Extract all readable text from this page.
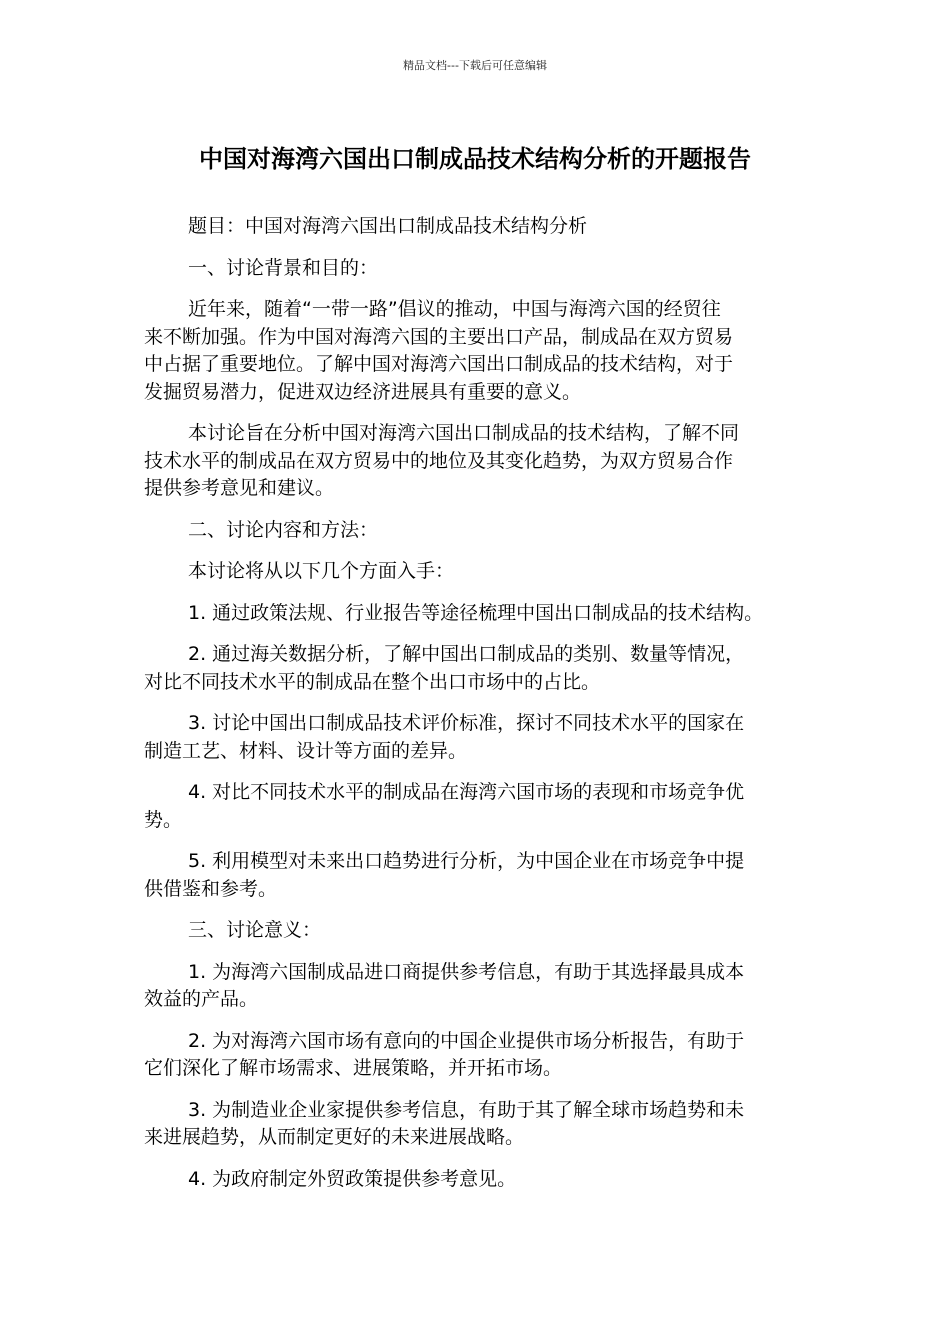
精品文档---下载后可任意编辑
中国对海湾六国出口制成品技术结构分析的开题报告

题目：中国对海湾六国出口制成品技术结构分析

一、讨论背景和目的：

近年来，随着“一带一路”倡议的推动，中国与海湾六国的经贸往
来不断加强。作为中国对海湾六国的主要出口产品，制成品在双方贸易
中占据了重要地位。了解中国对海湾六国出口制成品的技术结构，对于
发掘贸易潜力，促进双边经济进展具有重要的意义。

本讨论旨在分析中国对海湾六国出口制成品的技术结构，了解不同
技术水平的制成品在双方贸易中的地位及其变化趋势，为双方贸易合作
提供参考意见和建议。

二、讨论内容和方法：

本讨论将从以下几个方面入手：

1. 通过政策法规、行业报告等途径梳理中国出口制成品的技术结构。

2. 通过海关数据分析，了解中国出口制成品的类别、数量等情况，
对比不同技术水平的制成品在整个出口市场中的占比。

3. 讨论中国出口制成品技术评价标准，探讨不同技术水平的国家在
制造工艺、材料、设计等方面的差异。

4. 对比不同技术水平的制成品在海湾六国市场的表现和市场竞争优
势。

5. 利用模型对未来出口趋势进行分析，为中国企业在市场竞争中提
供借鉴和参考。

三、讨论意义：

1. 为海湾六国制成品进口商提供参考信息，有助于其选择最具成本
效益的产品。

2. 为对海湾六国市场有意向的中国企业提供市场分析报告，有助于
它们深化了解市场需求、进展策略，并开拓市场。

3. 为制造业企业家提供参考信息，有助于其了解全球市场趋势和未
来进展趋势，从而制定更好的未来进展战略。

4. 为政府制定外贸政策提供参考意见。
